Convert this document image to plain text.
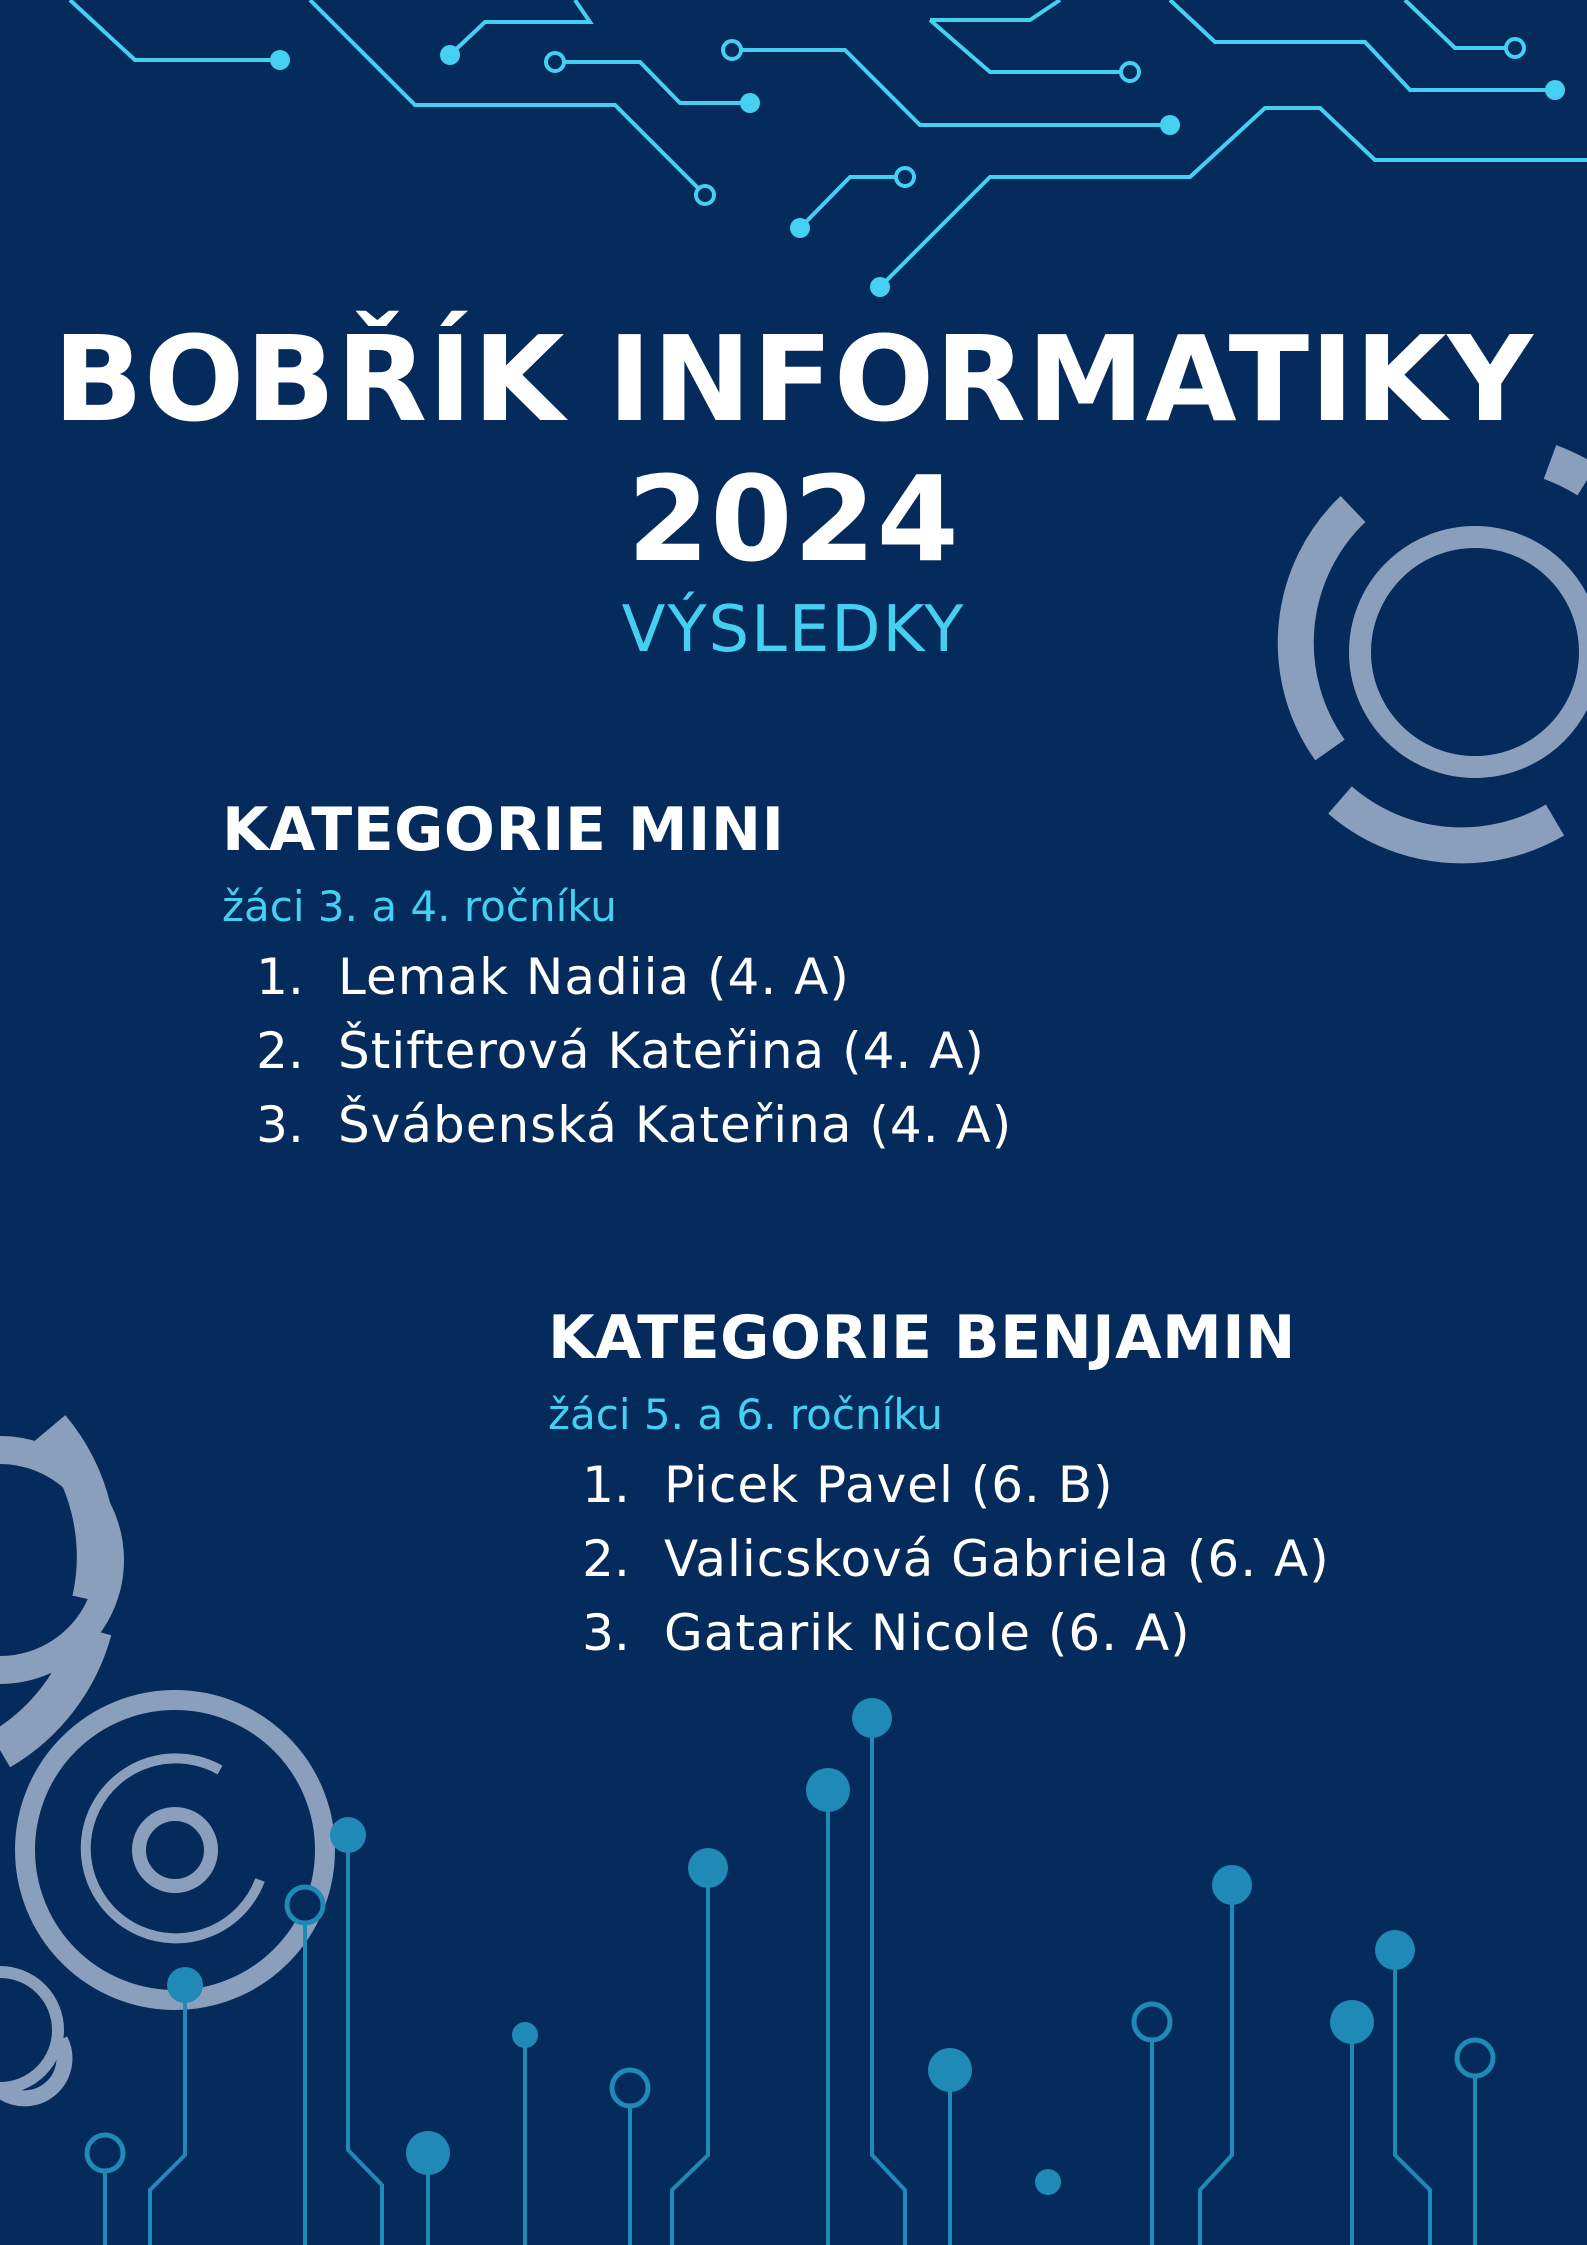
BOBŘÍK INFORMATIKY
2024
VÝSLEDKY
KATEGORIE MINI
žáci 3. a 4. ročníku
1. Lemak Nadiia (4. A)
2. Štifterová Kateřina (4. A)
3. Švábenská Kateřina (4. A)
KATEGORIE BENJAMIN
žáci 5. a 6. ročníku
1. Picek Pavel (6. B)
2. Valicsková Gabriela (6. A)
3. Gatarik Nicole (6. A)
